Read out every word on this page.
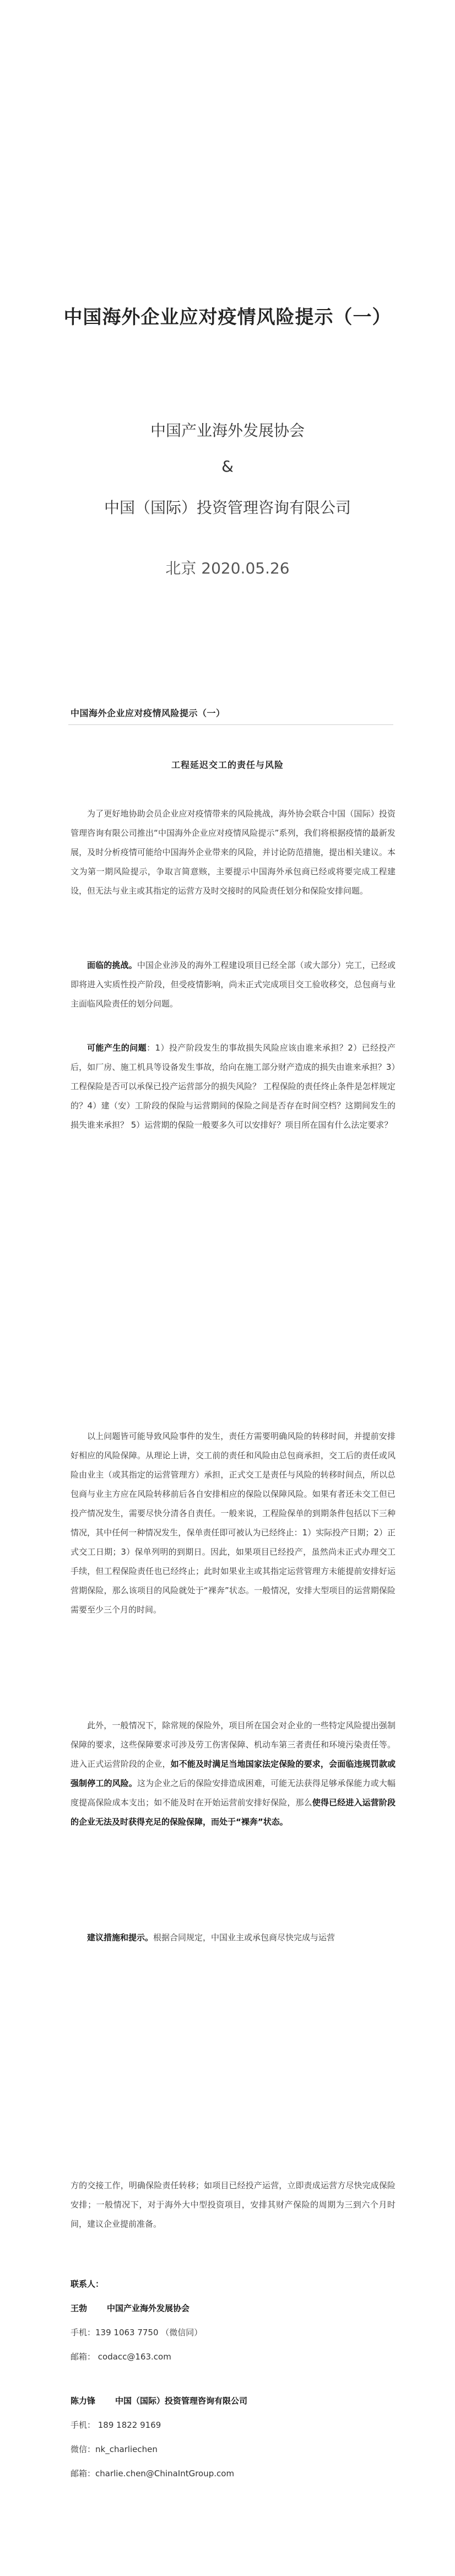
中国海外企业应对疫情风险提示（一）
中国产业海外发展协会
&
中国（国际）投资管理咨询有限公司
北京 2020.05.26
中国海外企业应对疫情风险提示（一）
工程延迟交工的责任与风险

为了更好地协助会员企业应对疫情带来的风险挑战，海外协会联合中国（国际）投资管理咨询有限公司推出“中国海外企业应对疫情风险提示”系列，我们将根据疫情的最新发展，及时分析疫情可能给中国海外企业带来的风险，并讨论防范措施，提出相关建议。本文为第一期风险提示，争取言简意赅，主要提示中国海外承包商已经或将要完成工程建设，但无法与业主或其指定的运营方及时交接时的风险责任划分和保险安排问题。

面临的挑战。中国企业涉及的海外工程建设项目已经全部（或大部分）完工，已经或即将进入实质性投产阶段，但受疫情影响，尚未正式完成项目交工验收移交，总包商与业主面临风险责任的划分问题。

可能产生的问题：1）投产阶段发生的事故损失风险应该由谁来承担？2）已经投产后，如厂房、施工机具等设备发生事故，给向在施工部分财产造成的损失由谁来承担？3）工程保险是否可以承保已投产运营部分的损失风险？ 工程保险的责任终止条件是怎样规定的？4）建（安）工阶段的保险与运营期间的保险之间是否存在时间空档？这期间发生的损失谁来承担？ 5）运营期的保险一般要多久可以安排好？项目所在国有什么法定要求？

以上问题皆可能导致风险事件的发生，责任方需要明确风险的转移时间，并提前安排好相应的风险保障。从理论上讲，交工前的责任和风险由总包商承担，交工后的责任或风险由业主（或其指定的运营管理方）承担，正式交工是责任与风险的转移时间点，所以总包商与业主方应在风险转移前后各自安排相应的保险以保障风险。如果有者还未交工但已投产情况发生，需要尽快分清各自责任。一般来说，工程险保单的到期条件包括以下三种情况，其中任何一种情况发生，保单责任即可被认为已经终止：1）实际投产日期；2）正式交工日期；3）保单列明的到期日。因此，如果项目已经投产，虽然尚未正式办理交工手续，但工程保险责任也已经终止；此时如果业主或其指定运营管理方未能提前安排好运营期保险，那么该项目的风险就处于“裸奔”状态。一般情况，安排大型项目的运营期保险需要至少三个月的时间。

此外，一般情况下，除常规的保险外，项目所在国会对企业的一些特定风险提出强制保障的要求，这些保障要求可涉及劳工伤害保障、机动车第三者责任和环境污染责任等。进入正式运营阶段的企业，如不能及时满足当地国家法定保险的要求，会面临违规罚款或强制停工的风险。这为企业之后的保险安排造成困难，可能无法获得足够承保能力或大幅度提高保险成本支出；如不能及时在开始运营前安排好保险，那么使得已经进入运营阶段的企业无法及时获得充足的保险保障，而处于“裸奔”状态。

建议措施和提示。根据合同规定，中国业主或承包商尽快完成与运营

方的交接工作，明确保险责任转移；如项目已经投产运营，立即责成运营方尽快完成保险安排；一般情况下，对于海外大中型投资项目，安排其财产保险的周期为三到六个月时间，建议企业提前准备。

联系人：
王勃 中国产业海外发展协会
手机：139 1063 7750 （微信同）
邮箱： codacc@163.com
陈力锋 中国（国际）投资管理咨询有限公司
手机： 189 1822 9169
微信：nk_charliechen
邮箱：charlie.chen@ChinaIntGroup.com
